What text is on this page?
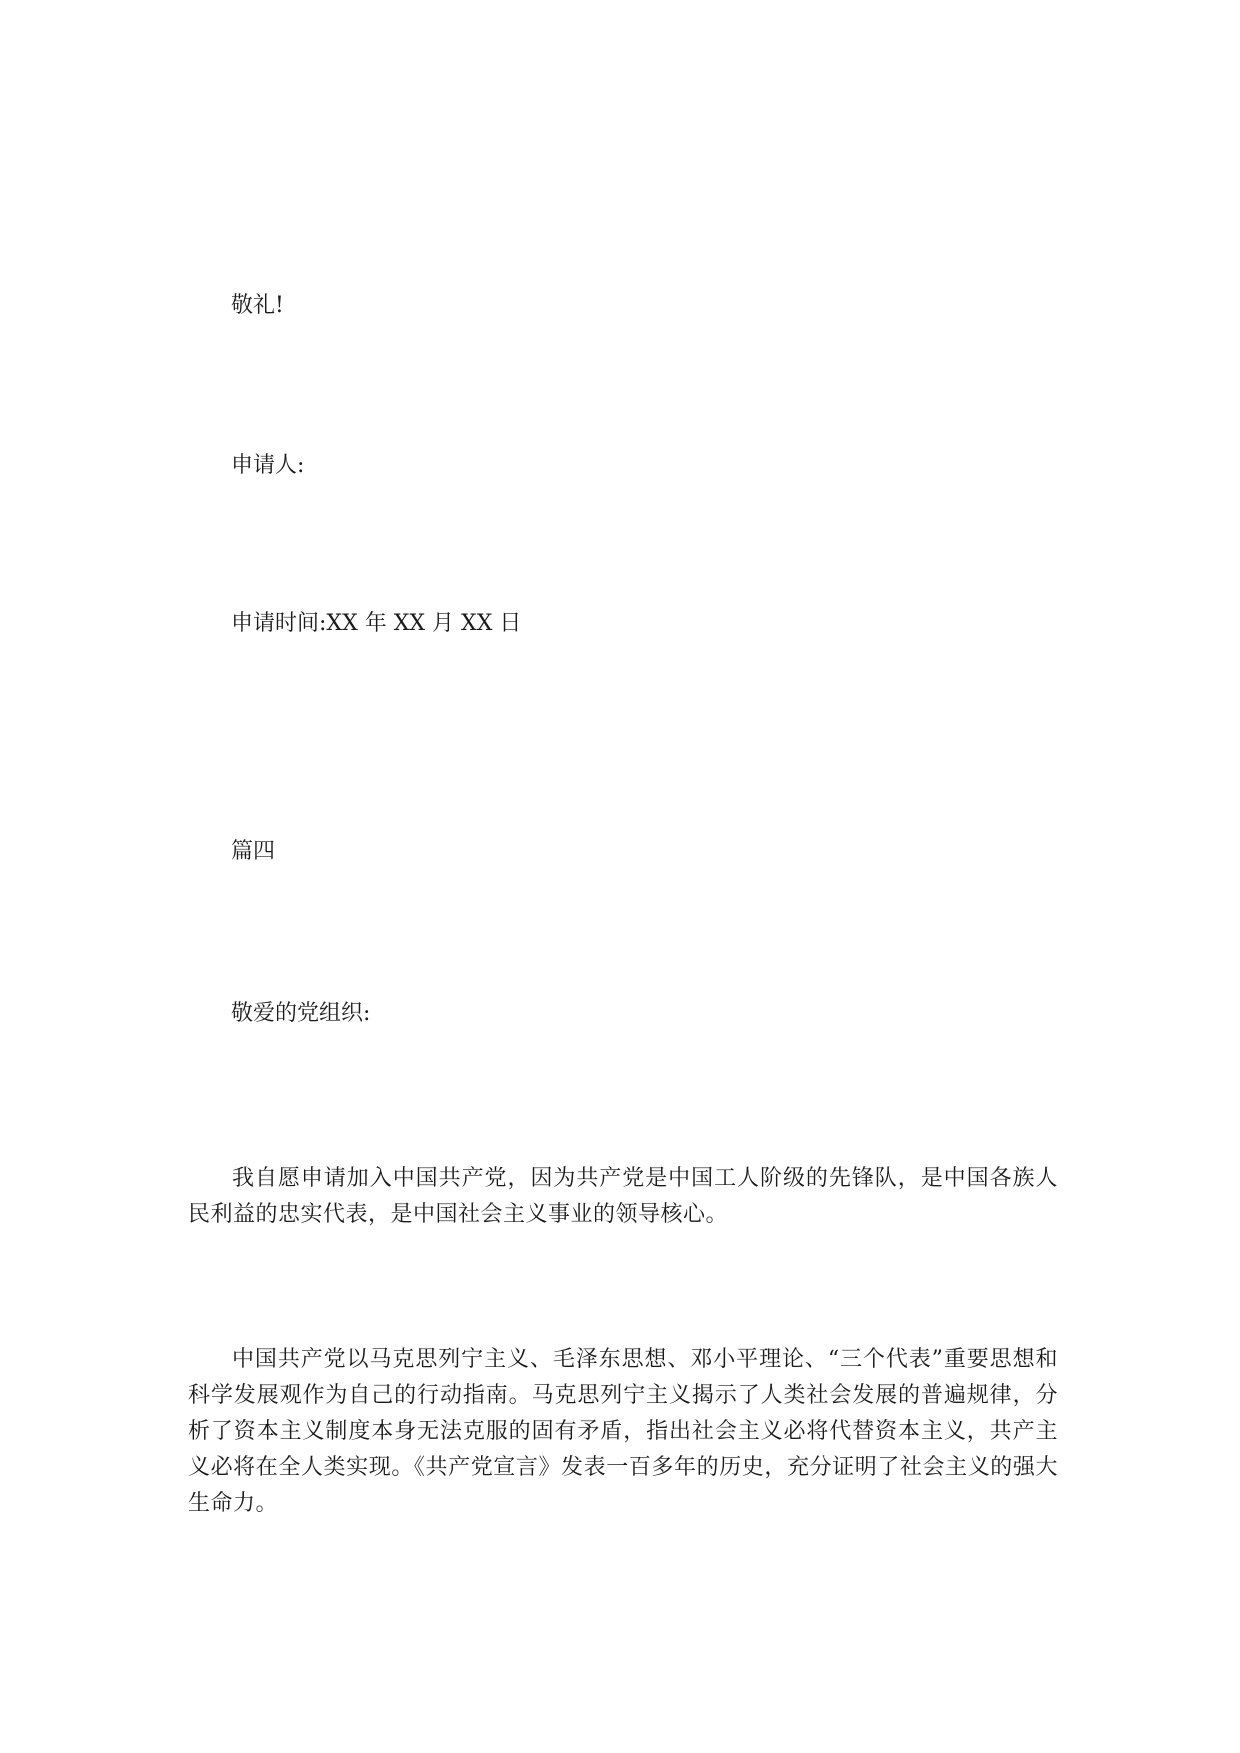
敬礼!
申请人:
申请时间:XX 年 XX 月 XX 日
篇四
敬爱的党组织:

我自愿申请加入中国共产党，因为共产党是中国工人阶级的先锋队，是中国各族人民利益的忠实代表，是中国社会主义事业的领导核心。

中国共产党以马克思列宁主义、毛泽东思想、邓小平理论、“三个代表”重要思想和科学发展观作为自己的行动指南。马克思列宁主义揭示了人类社会发展的普遍规律，分析了资本主义制度本身无法克服的固有矛盾，指出社会主义必将代替资本主义，共产主义必将在全人类实现。《共产党宣言》发表一百多年的历史，充分证明了社会主义的强大生命力。
